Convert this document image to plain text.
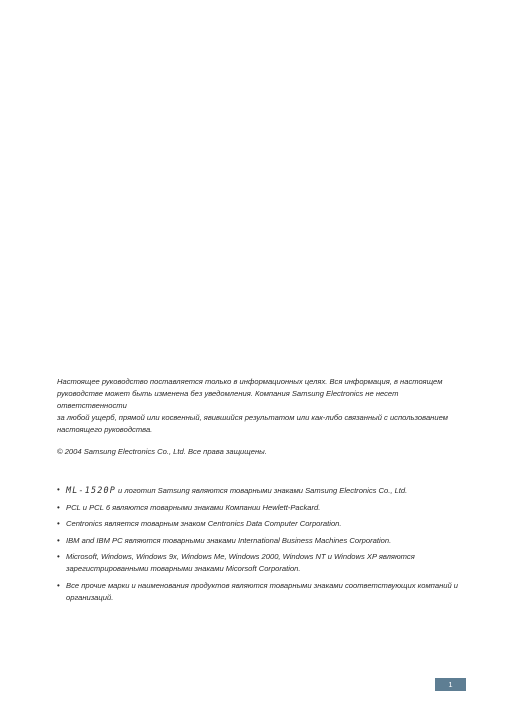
Настоящее руководство поставляется только в информационных целях. Вся информация, в настоящем
руководстве может быть изменена без уведомления. Компания Samsung Electronics не несет ответственности
за любой ущерб, прямой или косвенный, явившийся результатом или как-либо связанный с использованием
настоящего руководства.

© 2004 Samsung Electronics Co., Ltd. Все права защищены.

• ML-1520P и логотип Samsung являются товарными знаками Samsung Electronics Co., Ltd.
• PCL и PCL 6 являются товарными знаками Компании Hewlett-Packard.
• Centronics является товарным знаком Centronics Data Computer Corporation.
• IBM and IBM PC являются товарными знаками International Business Machines Corporation.
• Microsoft, Windows, Windows 9x, Windows Me, Windows 2000, Windows NT и Windows XP являются
зарегистрированными товарными знаками Micorsoft Corporation.
• Все прочие марки и наименования продуктов являются товарными знаками соответствующих компаний и
организаций.
1
